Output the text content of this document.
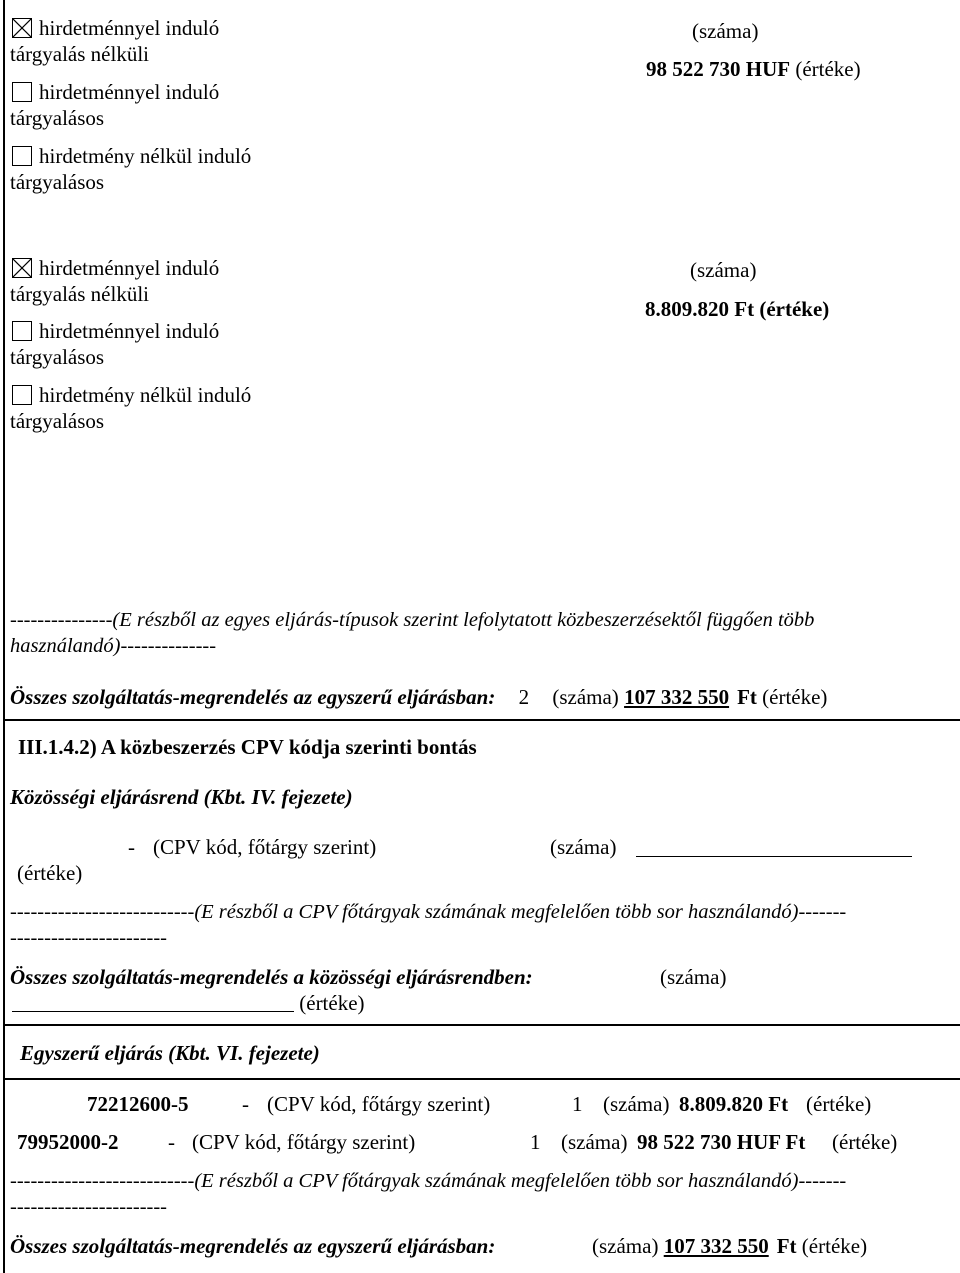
hirdetménnyel induló
tárgyalás nélküli
hirdetménnyel induló
tárgyalásos
hirdetmény nélkül induló
tárgyalásos
(száma)
98 522 730 HUF (értéke)
hirdetménnyel induló
tárgyalás nélküli
hirdetménnyel induló
tárgyalásos
hirdetmény nélkül induló
tárgyalásos
(száma)
8.809.820 Ft (értéke)
---------------(E részből az egyes eljárás-típusok szerint lefolytatott közbeszerzésektől függően több
használandó)--------------
Összes szolgáltatás-megrendelés az egyszerű eljárásban: 2 (száma) 107 332 550 Ft (értéke)
III.1.4.2) A közbeszerzés CPV kódja szerinti bontás
Közösségi eljárásrend (Kbt. IV. fejezete)
- (CPV kód, főtárgy szerint)	(száma)
(értéke)
---------------------------(E részből a CPV főtárgyak számának megfelelően több sor használandó)-------
-----------------------
Összes szolgáltatás-megrendelés a közösségi eljárásrendben:	(száma)
(értéke)
Egyszerű eljárás (Kbt. VI. fejezete)
72212600-5	- (CPV kód, főtárgy szerint)	1 (száma) 8.809.820 Ft (értéke)
79952000-2 - (CPV kód, főtárgy szerint)	1 (száma) 98 522 730 HUF Ft (értéke)
---------------------------(E részből a CPV főtárgyak számának megfelelően több sor használandó)-------
-----------------------
Összes szolgáltatás-megrendelés az egyszerű eljárásban:	(száma) 107 332 550 Ft (értéke)
